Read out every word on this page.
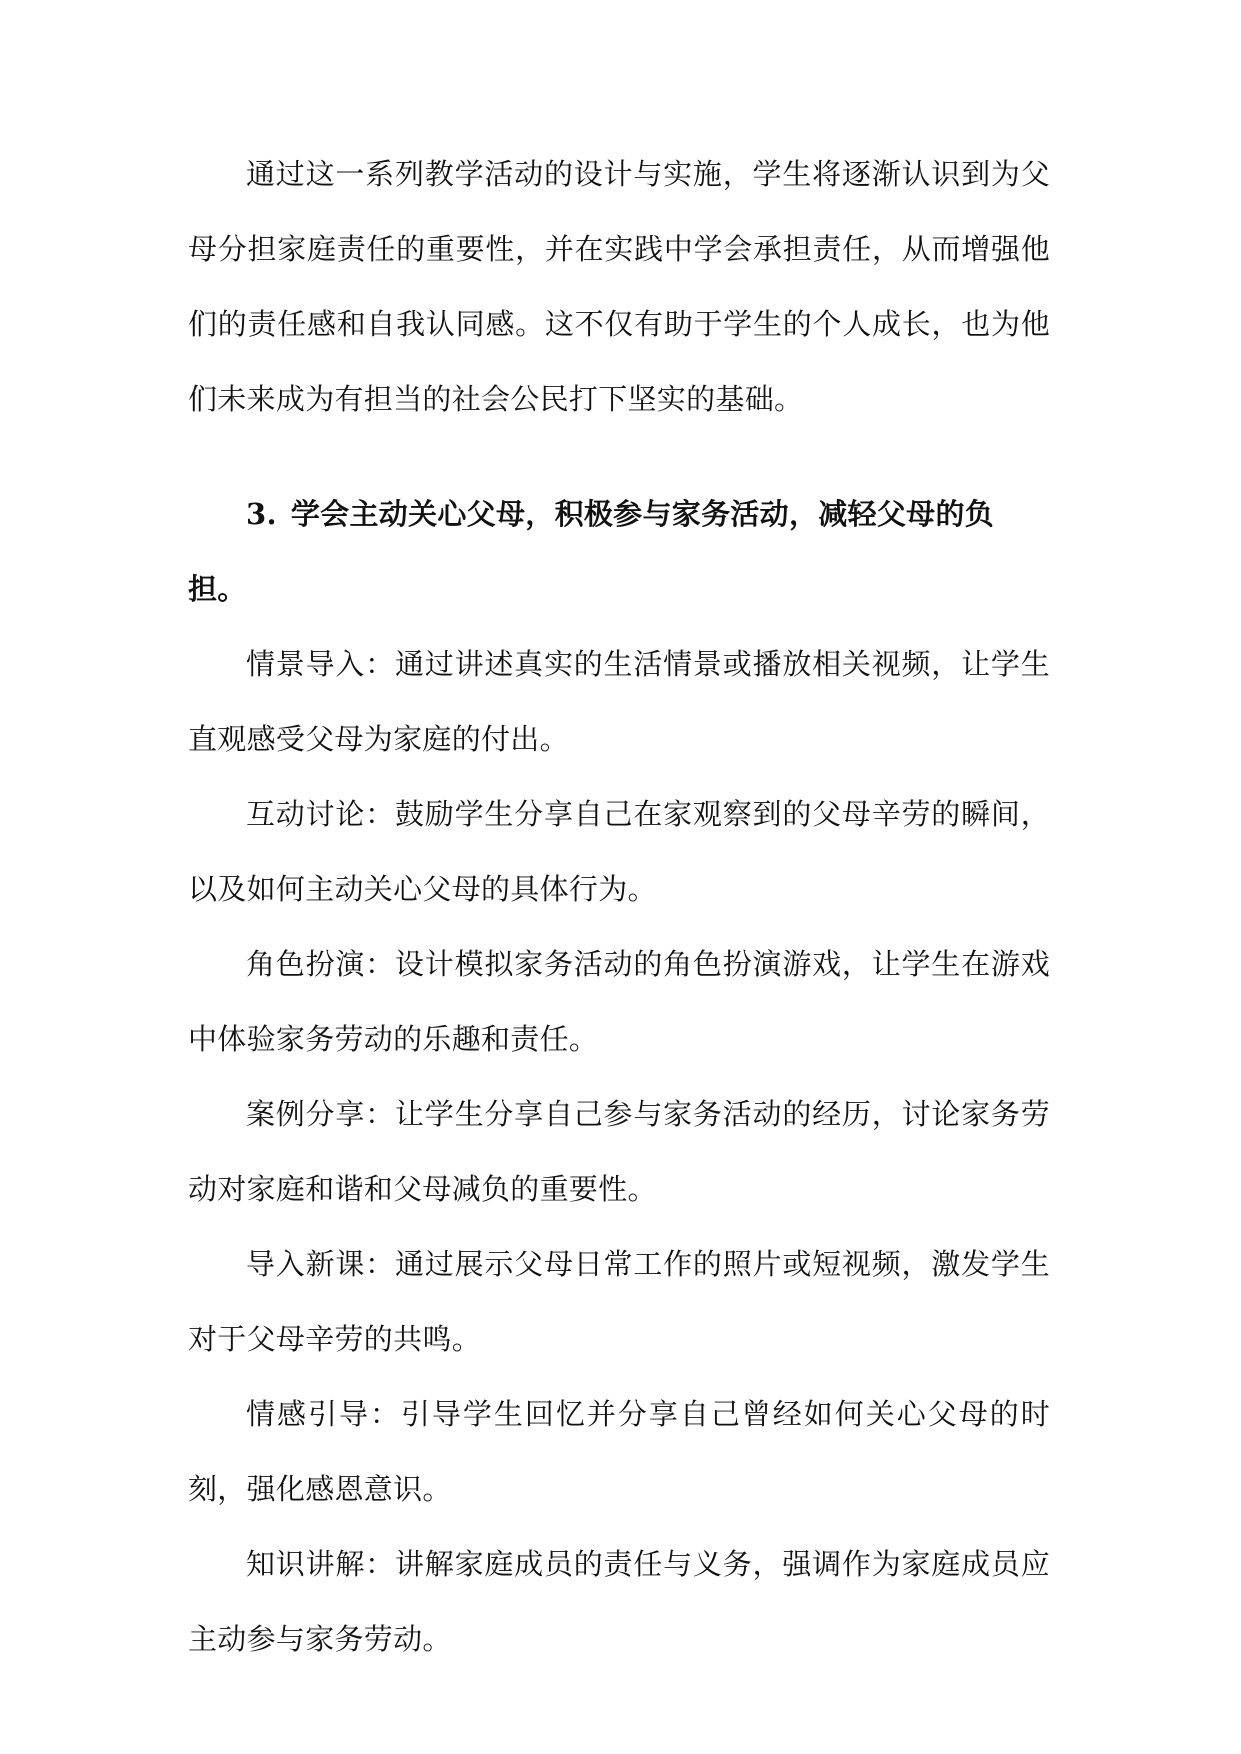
通过这一系列教学活动的设计与实施，学生将逐渐认识到为父母分担家庭责任的重要性，并在实践中学会承担责任，从而增强他们的责任感和自我认同感。这不仅有助于学生的个人成长，也为他们未来成为有担当的社会公民打下坚实的基础。

3. 学会主动关心父母，积极参与家务活动，减轻父母的负担。

情景导入：通过讲述真实的生活情景或播放相关视频，让学生直观感受父母为家庭的付出。

互动讨论：鼓励学生分享自己在家观察到的父母辛劳的瞬间，以及如何主动关心父母的具体行为。

角色扮演：设计模拟家务活动的角色扮演游戏，让学生在游戏中体验家务劳动的乐趣和责任。

案例分享：让学生分享自己参与家务活动的经历，讨论家务劳动对家庭和谐和父母减负的重要性。

导入新课：通过展示父母日常工作的照片或短视频，激发学生对于父母辛劳的共鸣。

情感引导：引导学生回忆并分享自己曾经如何关心父母的时刻，强化感恩意识。

知识讲解：讲解家庭成员的责任与义务，强调作为家庭成员应主动参与家务劳动。
